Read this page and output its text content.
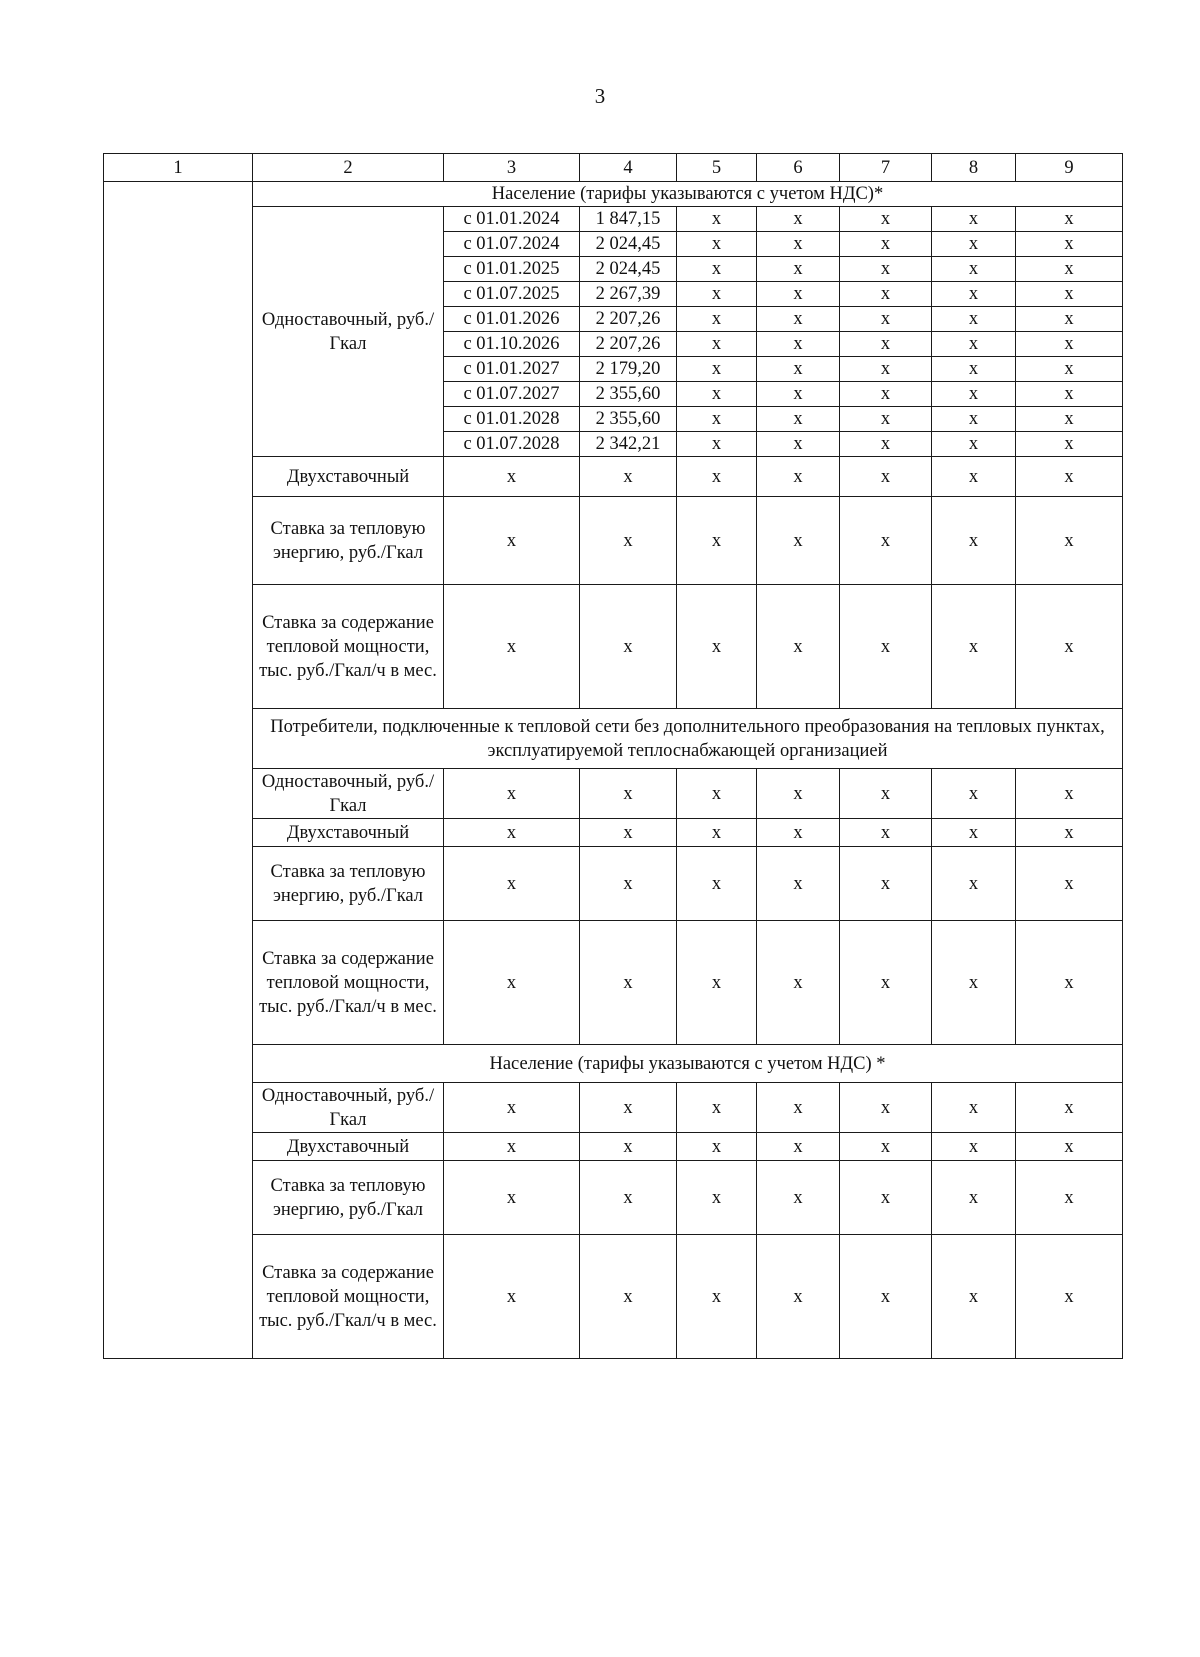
3
1	2	3	4	5	6	7	8	9
	Население (тарифы указываются с учетом НДС)*							
	Одноставочный, руб./Гкал	с 01.01.2024	1 847,15	х	х	х	х	х
		с 01.07.2024	2 024,45	х	х	х	х	х
		с 01.01.2025	2 024,45	х	х	х	х	х
		с 01.07.2025	2 267,39	х	х	х	х	х
		с 01.01.2026	2 207,26	х	х	х	х	х
		с 01.10.2026	2 207,26	х	х	х	х	х
		с 01.01.2027	2 179,20	х	х	х	х	х
		с 01.07.2027	2 355,60	х	х	х	х	х
		с 01.01.2028	2 355,60	х	х	х	х	х
		с 01.07.2028	2 342,21	х	х	х	х	х
	Двухставочный	х	х	х	х	х	х	х
	Ставка за тепловую энергию, руб./Гкал	х	х	х	х	х	х	х
	Ставка за содержание тепловой мощности, тыс. руб./Гкал/ч в мес.	х	х	х	х	х	х	х
	Потребители, подключенные к тепловой сети без дополнительного преобразования на тепловых пунктах, эксплуатируемой теплоснабжающей организацией							
	Одноставочный, руб./Гкал	х	х	х	х	х	х	х
	Двухставочный	х	х	х	х	х	х	х
	Ставка за тепловую энергию, руб./Гкал	х	х	х	х	х	х	х
	Ставка за содержание тепловой мощности, тыс. руб./Гкал/ч в мес.	х	х	х	х	х	х	х
	Население (тарифы указываются с учетом НДС) *							
	Одноставочный, руб./Гкал	х	х	х	х	х	х	х
	Двухставочный	х	х	х	х	х	х	х
	Ставка за тепловую энергию, руб./Гкал	х	х	х	х	х	х	х
	Ставка за содержание тепловой мощности, тыс. руб./Гкал/ч в мес.	х	х	х	х	х	х	х
